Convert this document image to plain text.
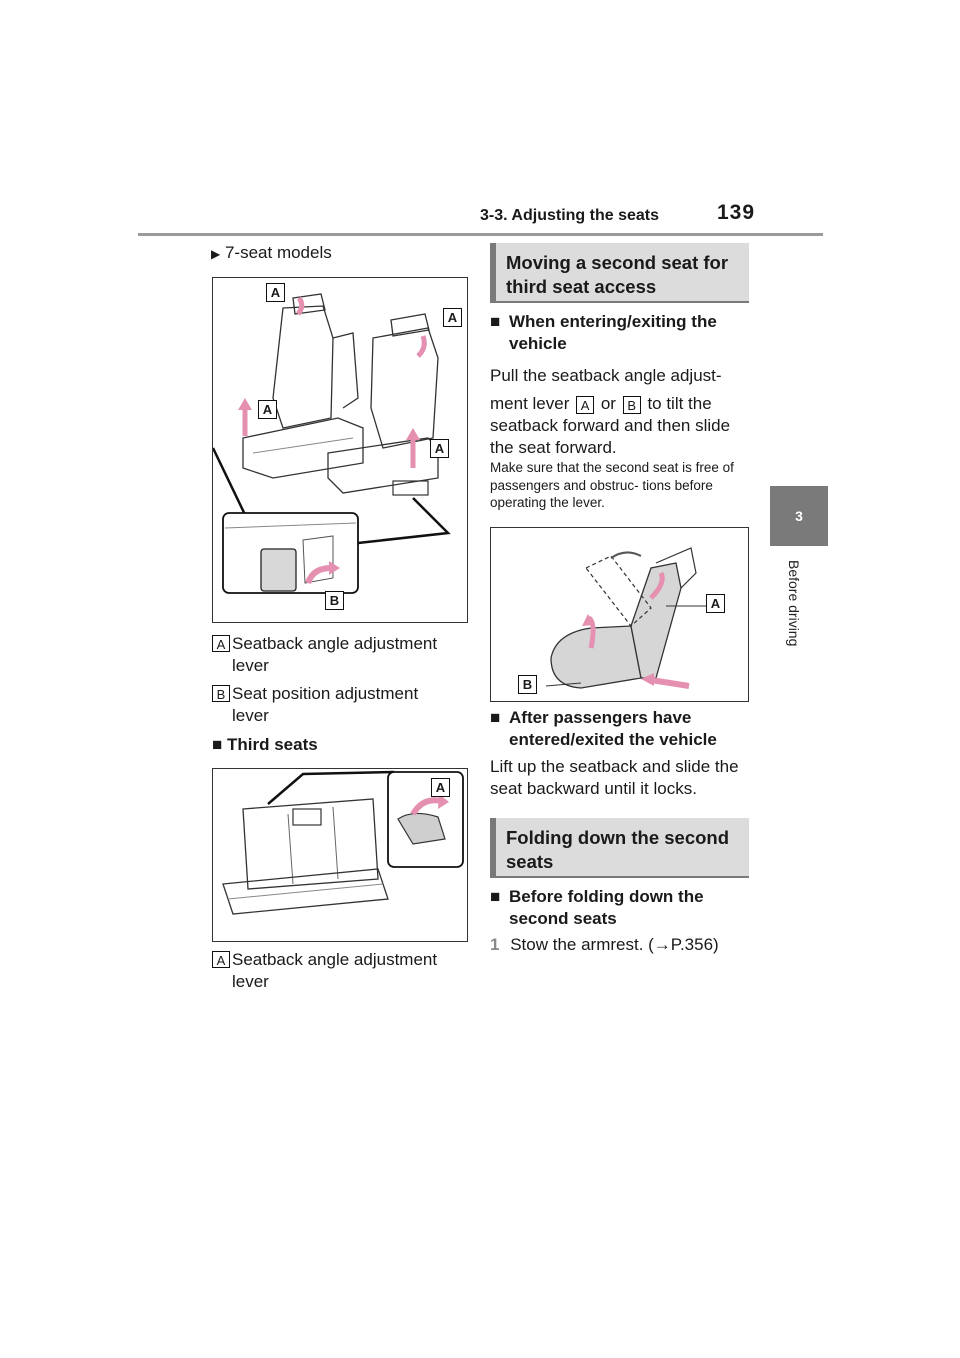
3-3. Adjusting the seats	139
3
Before driving
▶ 7-seat models
A
A
A
A
B
A Seatback angle adjustment lever
B Seat position adjustment lever
■ Third seats
A
A Seatback angle adjustment lever
Moving a second seat for third seat access
■ When entering/exiting the vehicle
Pull the seatback angle adjust-
ment lever A or B to tilt the
seatback forward and then slide
the seat forward.
Make sure that the second seat is free of passengers and obstruc- tions before operating the lever.
A
B
■ After passengers have entered/exited the vehicle
Lift up the seatback and slide the seat backward until it locks.
Folding down the second seats
■ Before folding down the second seats
1 Stow the armrest. (→P.356)
